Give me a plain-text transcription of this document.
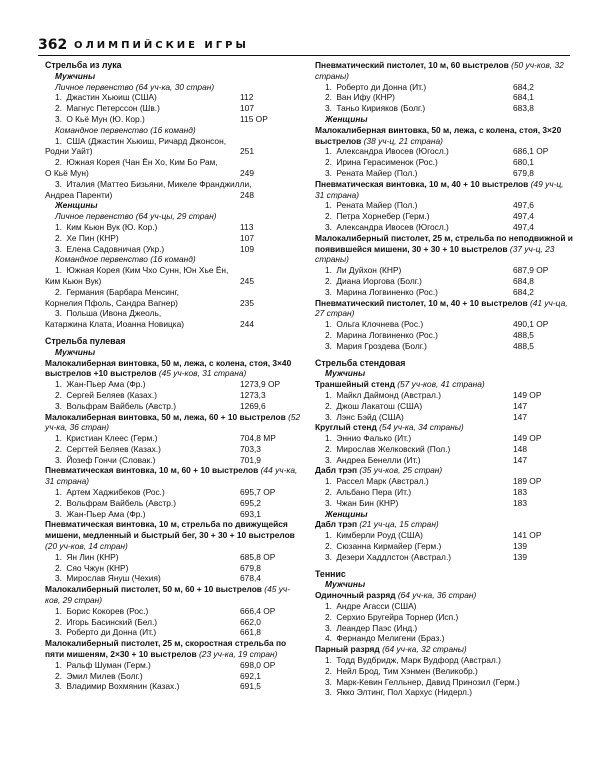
362 ОЛИМПИЙСКИЕ ИГРЫ
Стрельба из лука
Мужчины
Личное первенство (64 уч-ка, 30 стран)
1. Джастин Хьюиш (США)	112
2. Магнус Петерссон (Шв.)	107
3. О Кьё Мун (Ю. Кор.)	115 ОР
Командное первенство (16 команд)
1. США (Джастин Хьюиш, Ричард Джонсон,
Родни Уайт)	251
2. Южная Корея (Чан Ён Хо, Ким Бо Рам,
О Кьё Мун)	249
3. Италия (Маттео Бизьяни, Микеле Франджилли,
Андреа Паренти)	248
Женщины
Личное первенство (64 уч-цы, 29 стран)
1. Ким Кьюн Вук (Ю. Кор.)	113
2. Хе Пин (КНР)	107
3. Елена Садовничая (Укр.)	109
Командное первенство (16 команд)
1. Южная Корея (Ким Чхо Сунн, Юн Хье Ён,
Ким Кьюн Вук)	245
2. Германия (Барбара Менсинг,
Корнелия Пфоль, Сандра Вагнер)	235
3. Польша (Ивона Джеоль,
Катаржина Клата, Иоанна Новицка)	244
Стрельба пулевая
Мужчины
Малокалиберная винтовка, 50 м, лежа, с колена, стоя, 3×40 выстрелов +10 выстрелов (45 уч-ков, 31 страна)
1. Жан-Пьер Ама (Фр.)	1273,9 ОР
2. Сергей Беляев (Казах.)	1273,3
3. Вольфрам Вайбель (Австр.)	1269,6
Малокалиберная винтовка, 50 м, лежа, 60 + 10 выстрелов (52 уч-ка, 36 стран)
1. Кристиан Клеес (Герм.)	704,8 МР
2. Сергтей Беляев (Казах.)	703,3
3. Йозеф Гончи (Словак.)	701,9
Пневматическая винтовка, 10 м, 60 + 10 выстрелов (44 уч-ка, 31 страна)
1. Артем Хаджибеков (Рос.)	695,7 ОР
2. Вольфрам Вайбель (Австр.)	695,2
3. Жан-Пьер Ама (Фр.)	693,1
Пневматическая винтовка, 10 м, стрельба по движущейся мишени, медленный и быстрый бег, 30 + 30 + 10 выстрелов (20 уч-ков, 14 стран)
1. Ян Лин (КНР)	685,8 ОР
2. Сяо Чжун (КНР)	679,8
3. Мирослав Януш (Чехия)	678,4
Малокалиберный пистолет, 50 м, 60 + 10 выстрелов (45 уч-ков, 29 стран)
1. Борис Кокорев (Рос.)	666,4 ОР
2. Игорь Басинский (Бел.)	662,0
3. Роберто ди Донна (Ит.)	661,8
Малокалиберный пистолет, 25 м, скоростная стрельба по пяти мишеням, 2×30 + 10 выстрелов (23 уч-ка, 19 стран)
1. Ральф Шуман (Герм.)	698,0 ОР
2. Эмил Милев (Болг.)	692,1
3. Владимир Вохмянин (Казах.)	691,5
Пневматический пистолет, 10 м, 60 выстрелов (50 уч-ков, 32 страны)
1. Роберто ди Донна (Ит.)	684,2
2. Ван Ифу (КНР)	684,1
3. Таньо Кирияков (Болг.)	683,8
Женщины
Малокалиберная винтовка, 50 м, лежа, с колена, стоя, 3×20 выстрелов (38 уч-ц, 21 страна)
1. Александра Ивосев (Югосл.)	686,1 ОР
2. Ирина Герасименок (Рос.)	680,1
3. Рената Майер (Пол.)	679,8
Пневматическая винтовка, 10 м, 40 + 10 выстрелов (49 уч-ц, 31 страна)
1. Рената Майер (Пол.)	497,6
2. Петра Хорнебер (Герм.)	497,4
3. Александра Ивосев (Югосл.)	497,4
Малокалиберный пистолет, 25 м, стрельба по неподвижной и появившейся мишени, 30 + 30 + 10 выстрелов (37 уч-ц, 23 страны)
1. Ли Дуйхон (КНР)	687,9 ОР
2. Диана Иоргова (Болг.)	684,8
3. Марина Логвиненко (Рос.)	684,2
Пневматический пистолет, 10 м, 40 + 10 выстрелов (41 уч-ца, 27 стран)
1. Ольга Клочнева (Рос.)	490,1 ОР
2. Марина Логвиненко (Рос.)	488,5
3. Мария Гроздева (Болг.)	488,5
Стрельба стендовая
Мужчины
Траншейный стенд (57 уч-ков, 41 страна)
1. Майкл Даймонд (Австрал.)	149 ОР
2. Джош Лакатош (США)	147
3. Лэнс Бэйд (США)	147
Круглый стенд (54 уч-ка, 34 страны)
1. Эннио Фалько (Ит.)	149 ОР
2. Мирослав Желковский (Пол.)	148
3. Андреа Бенелли (Ит.)	147
Дабл трэп (35 уч-ков, 25 стран)
1. Рассел Марк (Австрал.)	189 ОР
2. Альбано Пера (Ит.)	183
3. Чжан Бин (КНР)	183
Женщины
Дабл трэп (21 уч-ца, 15 стран)
1. Кимберли Роуд (США)	141 ОР
2. Сюзанна Кирмайер (Герм.)	139
3. Дезери Хаддлстон (Австрал.)	139
Теннис
Мужчины
Одиночный разряд (64 уч-ка, 36 стран)
1. Андре Агасси (США)
2. Серхио Бругейра Торнер (Исп.)
3. Леандер Паэс (Инд.)
4. Фернандо Мелигени (Браз.)
Парный разряд (64 уч-ка, 32 страны)
1. Тодд Вудбридж, Марк Вудфорд (Австрал.)
2. Нейл Брод, Тим Хэнмен (Великобр.)
3. Марк-Кевин Гелльнер, Давид Принозил (Герм.)
3. Якко Элтинг, Пол Хархус (Нидерл.)
